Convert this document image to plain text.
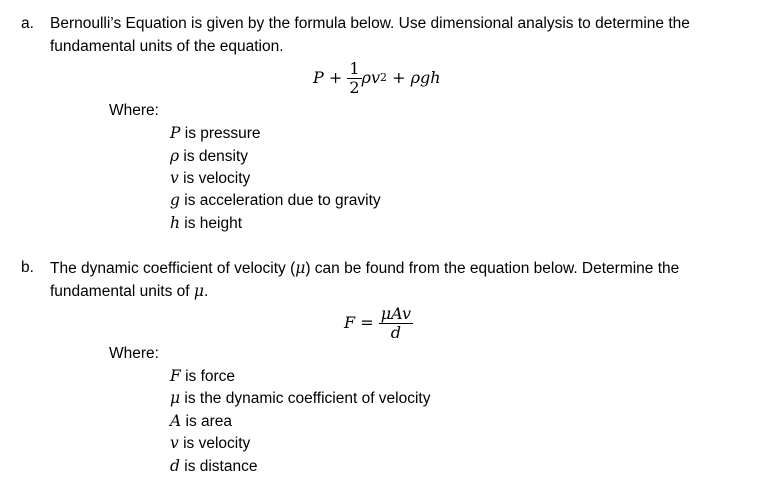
a. Bernoulli’s Equation is given by the formula below. Use dimensional analysis to determine the
fundamental units of the equation.
$P + \frac{1}{2}$ ρv 2 + ρgh
Where:
P is pressure
ρ is density
v is velocity
g is acceleration due to gravity
h is height
b. The dynamic coefficient of velocity (μ) can be found from the equation below. Determine the
fundamental units of μ.
$F = \frac{\text{μAv}}{d}$
Where:
F is force
μ is the dynamic coefficient of velocity
A is area
v is velocity
d is distance
